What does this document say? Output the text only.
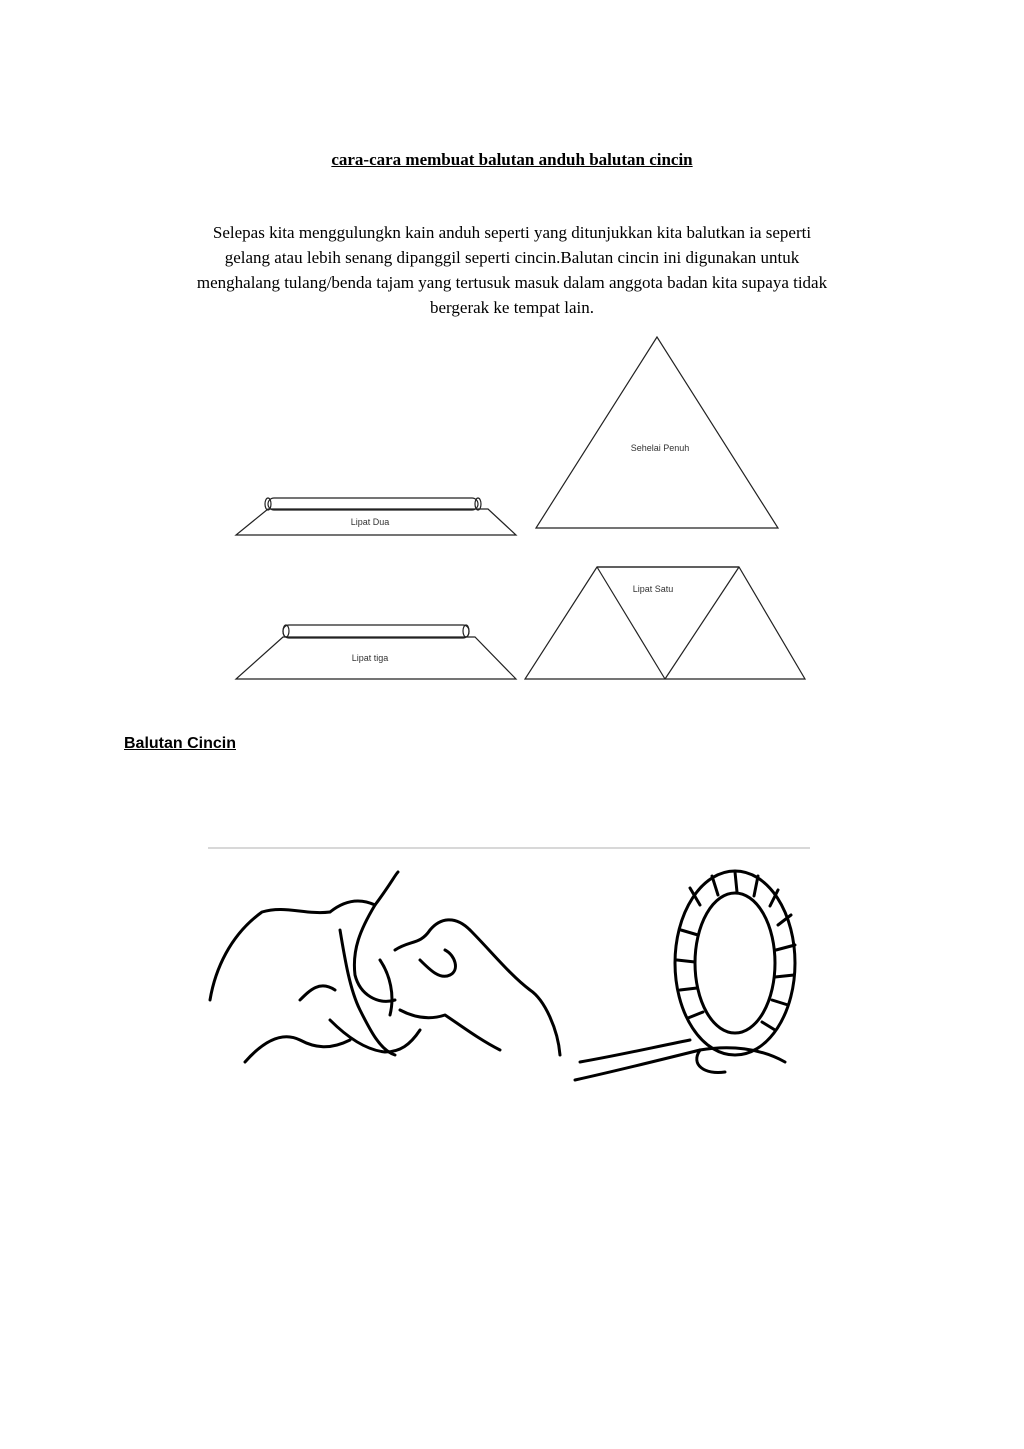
cara-cara membuat balutan anduh balutan cincin
Selepas kita menggulungkn kain anduh seperti yang ditunjukkan kita balutkan ia seperti
gelang atau lebih senang dipanggil seperti cincin.Balutan cincin ini digunakan untuk
menghalang tulang/benda tajam yang tertusuk masuk dalam anggota badan kita supaya tidak
bergerak ke tempat lain.
Sehelai Penuh
Lipat Dua
Lipat Satu
Lipat tiga
Balutan Cincin
